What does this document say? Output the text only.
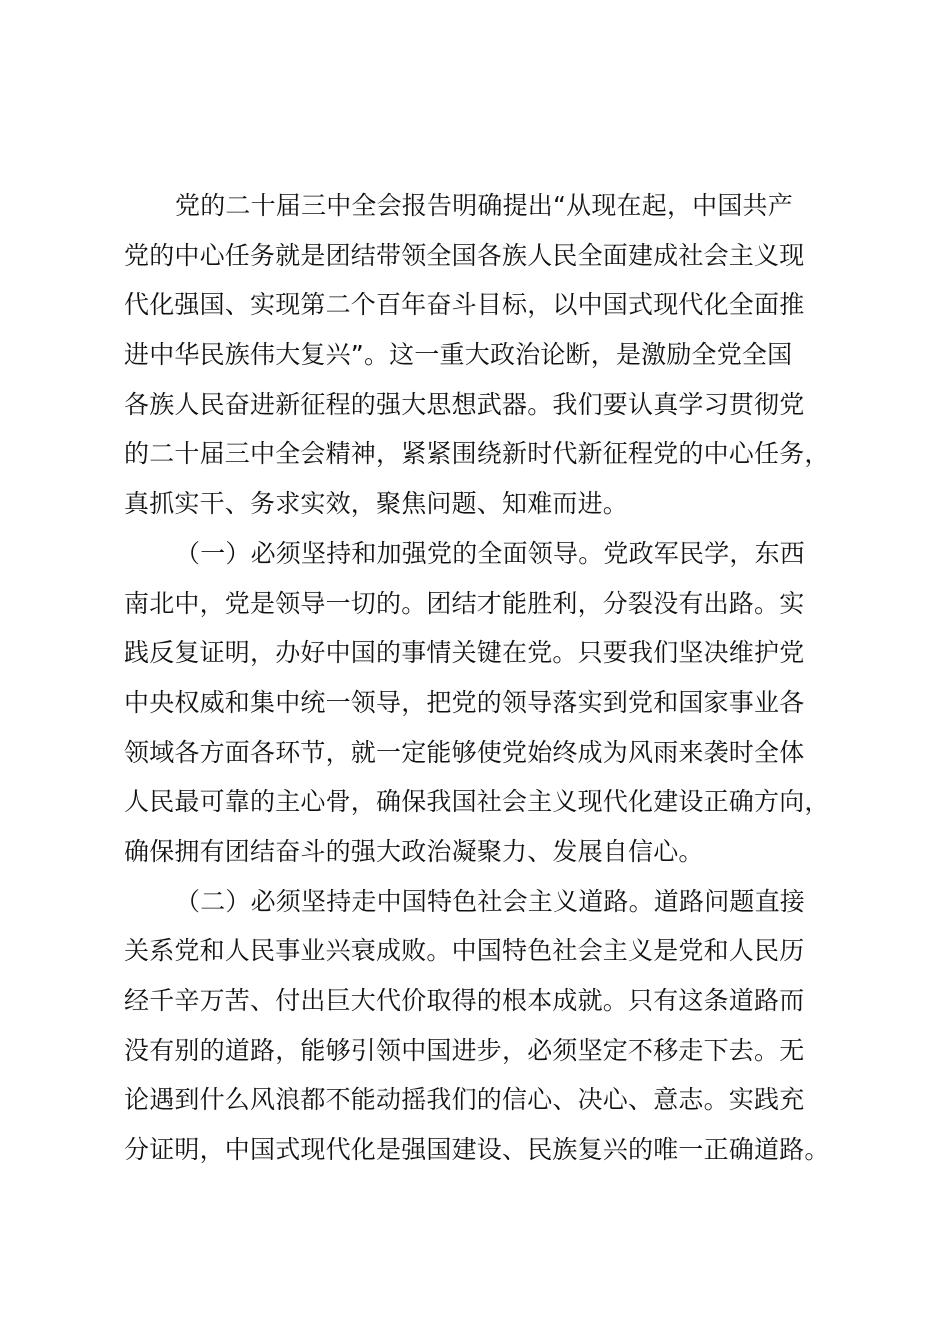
党的二十届三中全会报告明确提出“从现在起，中国共产
党的中心任务就是团结带领全国各族人民全面建成社会主义现
代化强国、实现第二个百年奋斗目标，以中国式现代化全面推
进中华民族伟大复兴”。这一重大政治论断，是激励全党全国
各族人民奋进新征程的强大思想武器。我们要认真学习贯彻党
的二十届三中全会精神，紧紧围绕新时代新征程党的中心任务，
真抓实干、务求实效，聚焦问题、知难而进。
（一）必须坚持和加强党的全面领导。党政军民学，东西
南北中，党是领导一切的。团结才能胜利，分裂没有出路。实
践反复证明，办好中国的事情关键在党。只要我们坚决维护党
中央权威和集中统一领导，把党的领导落实到党和国家事业各
领域各方面各环节，就一定能够使党始终成为风雨来袭时全体
人民最可靠的主心骨，确保我国社会主义现代化建设正确方向，
确保拥有团结奋斗的强大政治凝聚力、发展自信心。
（二）必须坚持走中国特色社会主义道路。道路问题直接
关系党和人民事业兴衰成败。中国特色社会主义是党和人民历
经千辛万苦、付出巨大代价取得的根本成就。只有这条道路而
没有别的道路，能够引领中国进步，必须坚定不移走下去。无
论遇到什么风浪都不能动摇我们的信心、决心、意志。实践充
分证明，中国式现代化是强国建设、民族复兴的唯一正确道路。
